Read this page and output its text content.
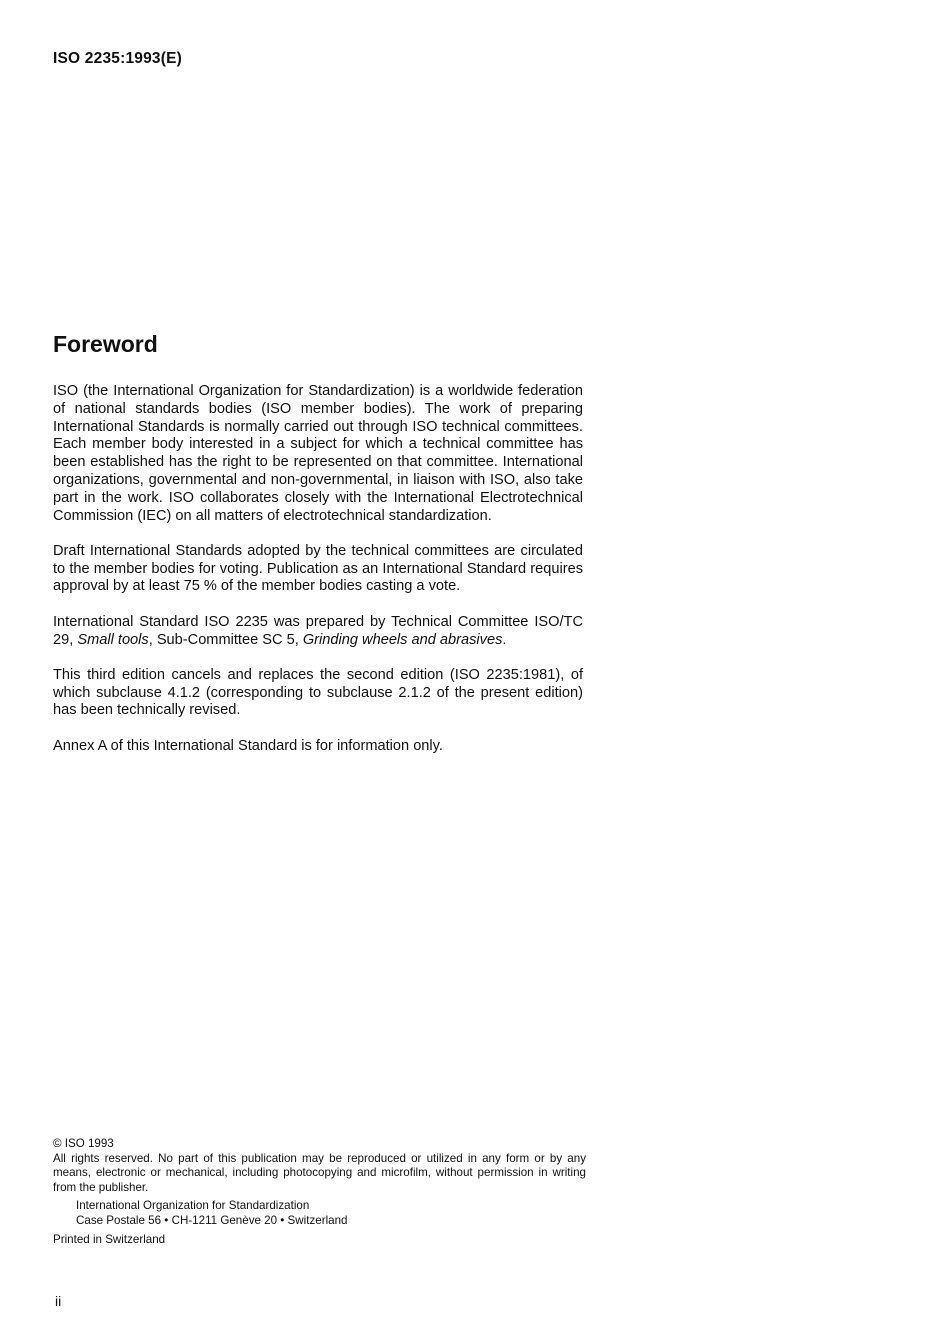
ISO 2235:1993(E)
Foreword

ISO (the International Organization for Standardization) is a worldwide federation of national standards bodies (ISO member bodies). The work of preparing International Standards is normally carried out through ISO technical committees. Each member body interested in a subject for which a technical committee has been established has the right to be represented on that committee. International organizations, governmental and non-governmental, in liaison with ISO, also take part in the work. ISO collaborates closely with the International Electrotechnical Commission (IEC) on all matters of electrotechnical standardization.

Draft International Standards adopted by the technical committees are circulated to the member bodies for voting. Publication as an International Standard requires approval by at least 75 % of the member bodies casting a vote.

International Standard ISO 2235 was prepared by Technical Committee ISO/TC 29, Small tools, Sub-Committee SC 5, Grinding wheels and abrasives.

This third edition cancels and replaces the second edition (ISO 2235:1981), of which subclause 4.1.2 (corresponding to subclause 2.1.2 of the present edition) has been technically revised.

Annex A of this International Standard is for information only.

© ISO 1993
All rights reserved. No part of this publication may be reproduced or utilized in any form or by any means, electronic or mechanical, including photocopying and microfilm, without permission in writing from the publisher.
International Organization for Standardization
Case Postale 56 • CH-1211 Genève 20 • Switzerland
Printed in Switzerland
ii
